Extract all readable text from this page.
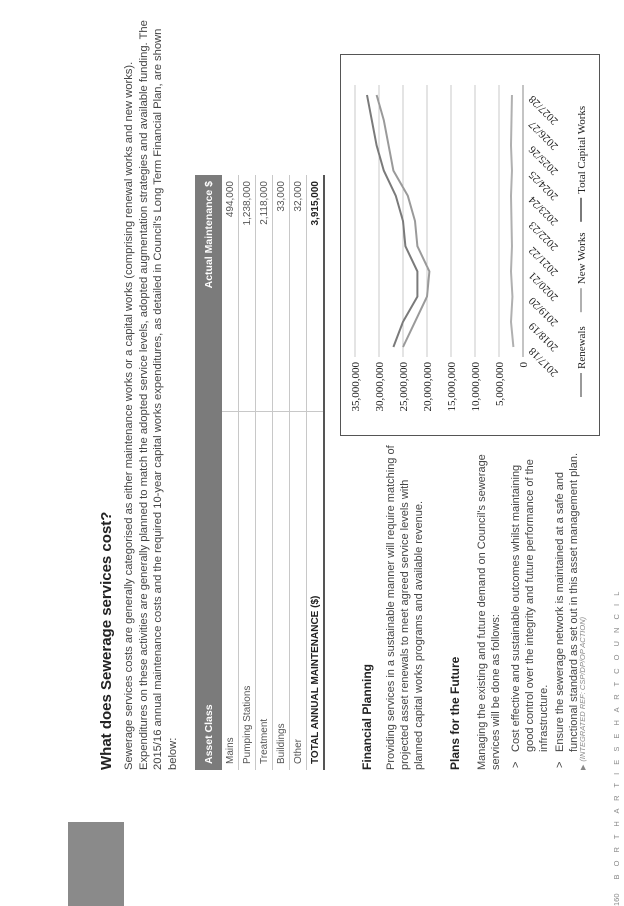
160B O R T H A R T I E S E H A R T C O U N C I L
What does Sewerage services cost? Sewerage services costs are generally categorised as either maintenance works or a capital works (comprising renewal works and new works). Expenditures on these activities are generally planned to match the adopted service levels, adopted augmentation strategies and available funding. The 2015/16 annual maintenance costs and the required 10-year capital works expenditures, as detailed in Council's Long Term Financial Plan, are shown below: Asset Class	Actual Maintenance $
Mains	494,000
Pumping Stations	1,238,000
Treatment	2,118,000
Buildings	33,000
Other	32,000
TOTAL ANNUAL MAINTENANCE ($)	3,915,000
Financial Planning Providing services in a sustainable manner will require matching of projected asset renewals to meet agreed service levels with planned capital works programs and available revenue. Plans for the Future Managing the existing and future demand on Council's sewerage services will be done as follows: >
Cost effective and sustainable outcomes whilst maintaining good control over the integrity and future performance of the infrastructure.
>
Ensure the sewerage network is maintained at a safe and functional standard as set out in this asset management plan.
▶(INTEGRATED REF: CSP/DP/OP ACTION)
0
5,000,000
10,000,000
15,000,000
20,000,000
25,000,000
30,000,000
35,000,000
2017/18
2018/19
2019/20
2020/21
2021/22
2022/23
2023/24
2024/25
2025/26
2026/27
2027/28
Renewals
New Works
Total Capital Works
